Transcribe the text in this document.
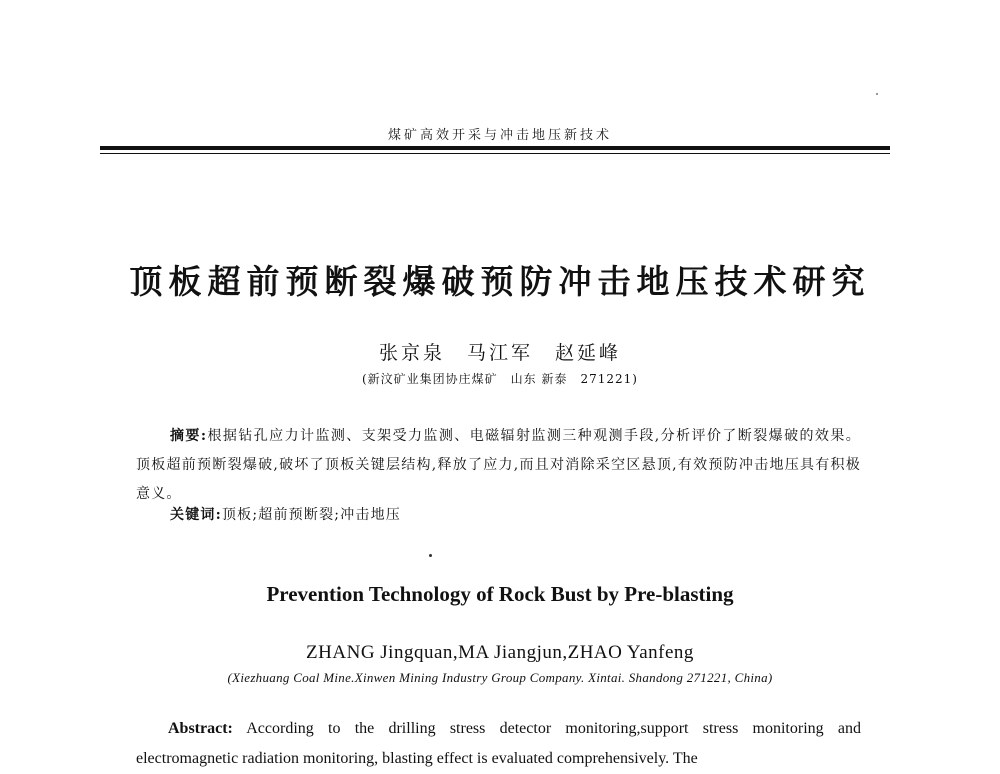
煤矿高效开采与冲击地压新技术
顶板超前预断裂爆破预防冲击地压技术研究
张京泉　马江军　赵延峰
(新汶矿业集团协庄煤矿　山东 新泰　271221)
摘要:根据钻孔应力计监测、支架受力监测、电磁辐射监测三种观测手段,分析评价了断裂爆破的效果。顶板超前预断裂爆破,破坏了顶板关键层结构,释放了应力,而且对消除采空区悬顶,有效预防冲击地压具有积极意义。
关键词:顶板;超前预断裂;冲击地压
Prevention Technology of Rock Bust by Pre-blasting
ZHANG Jingquan,MA Jiangjun,ZHAO Yanfeng
(Xiezhuang Coal Mine.Xinwen Mining Industry Group Company. Xintai. Shandong 271221, China)
Abstract: According to the drilling stress detector monitoring,support stress monitoring and electromagnetic radiation monitoring, blasting effect is evaluated comprehensively. The
